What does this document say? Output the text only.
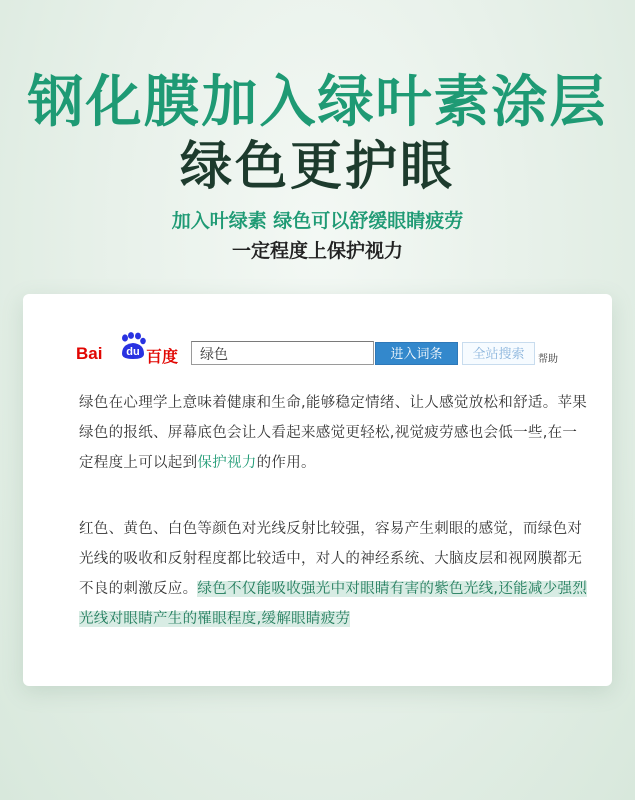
钢化膜加入绿叶素涂层
绿色更护眼
加入叶绿素 绿色可以舒缓眼睛疲劳
一定程度上保护视力
Bai	du 百度	绿色	进入词条	全站搜索	帮助
绿色在心理学上意味着健康和生命,能够稳定情绪、让人感觉放松和舒适。苹果绿色的报纸、屏幕底色会让人看起来感觉更轻松,视觉疲劳感也会低一些,在一定程度上可以起到保护视力的作用。
红色、黄色、白色等颜色对光线反射比较强，容易产生刺眼的感觉，而绿色对光线的吸收和反射程度都比较适中，对人的神经系统、大脑皮层和视网膜都无不良的刺激反应。绿色不仅能吸收强光中对眼睛有害的紫色光线,还能减少强烈光线对眼睛产生的罹眼程度,缓解眼睛疲劳
